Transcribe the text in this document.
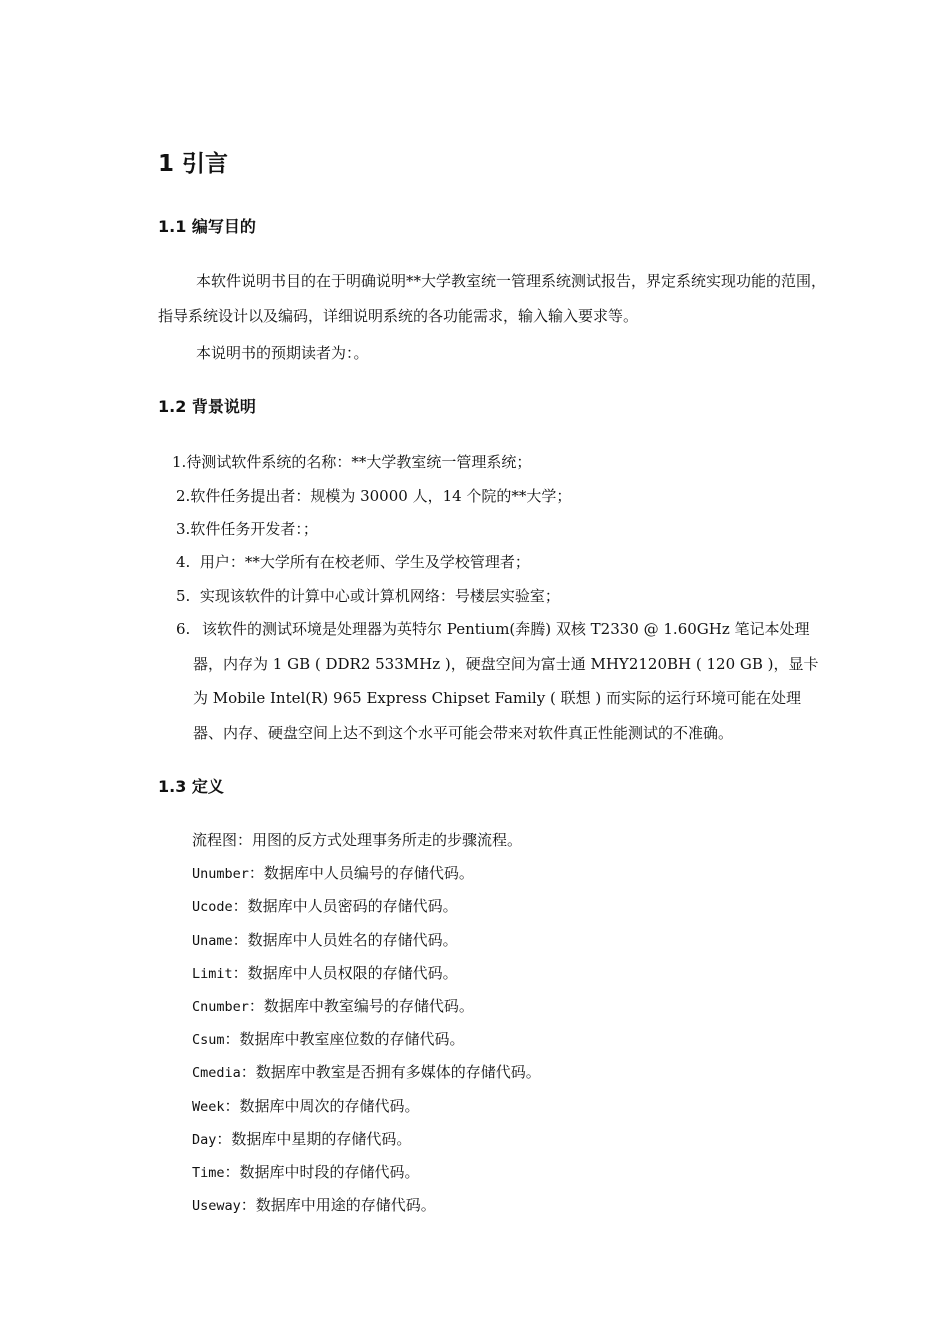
1 引言
1.1 编写目的

本软件说明书目的在于明确说明**大学教室统一管理系统测试报告，界定系统实现功能的范围，指导系统设计以及编码，详细说明系统的各功能需求，输入输入要求等。

本说明书的预期读者为：。

1.2 背景说明
1.待测试软件系统的名称：**大学教室统一管理系统；
2.软件任务提出者：规模为 30000 人，14 个院的**大学；
3.软件任务开发者：；
4. 用户：**大学所有在校老师、学生及学校管理者；
5. 实现该软件的计算中心或计算机网络：号楼层实验室；
6. 该软件的测试环境是处理器为英特尔 Pentium(奔腾) 双核 T2330 @ 1.60GHz 笔记本处理器，内存为 1 GB ( DDR2 533MHz )，硬盘空间为富士通 MHY2120BH ( 120 GB )，显卡为 Mobile Intel(R) 965 Express Chipset Family ( 联想 ) 而实际的运行环境可能在处理器、内存、硬盘空间上达不到这个水平可能会带来对软件真正性能测试的不准确。
1.3 定义
流程图：用图的反方式处理事务所走的步骤流程。
Unumber：数据库中人员编号的存储代码。
Ucode：数据库中人员密码的存储代码。
Uname：数据库中人员姓名的存储代码。
Limit：数据库中人员权限的存储代码。
Cnumber：数据库中教室编号的存储代码。
Csum：数据库中教室座位数的存储代码。
Cmedia：数据库中教室是否拥有多媒体的存储代码。
Week：数据库中周次的存储代码。
Day：数据库中星期的存储代码。
Time：数据库中时段的存储代码。
Useway：数据库中用途的存储代码。
